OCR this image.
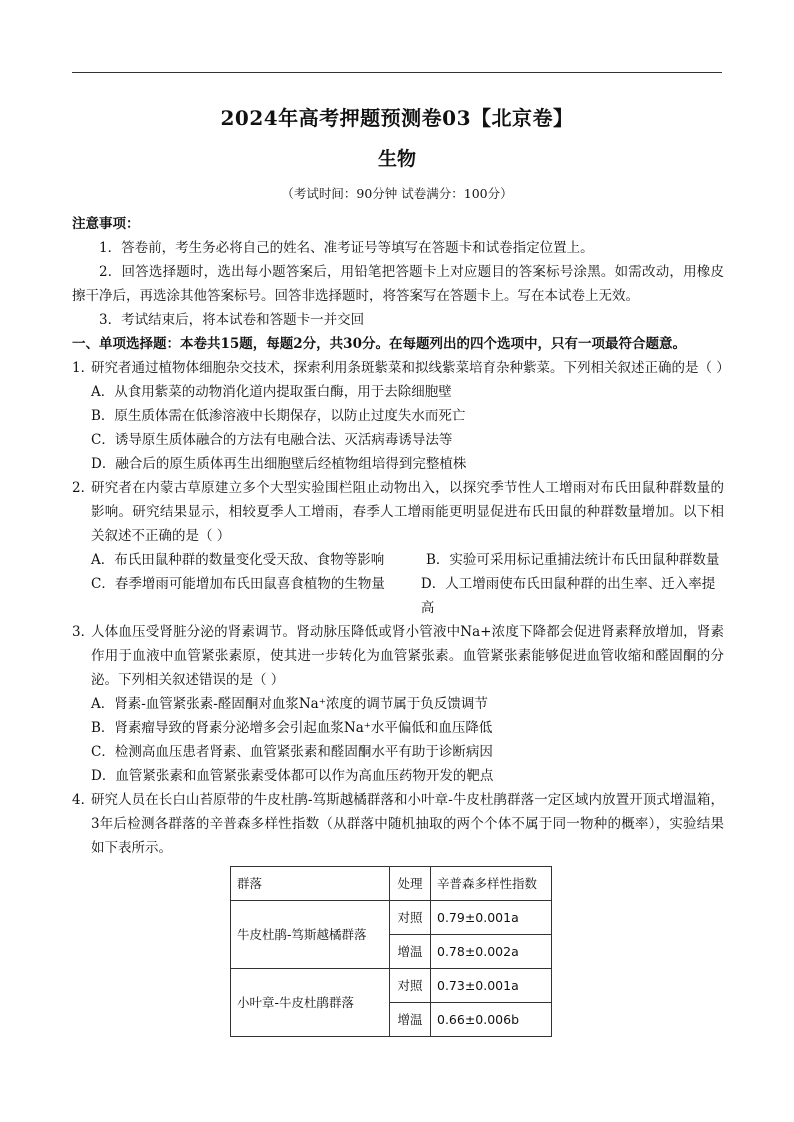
2024年高考押题预测卷03【北京卷】
生物
（考试时间：90分钟 试卷满分：100分）
注意事项：
1．答卷前，考生务必将自己的姓名、准考证号等填写在答题卡和试卷指定位置上。
2．回答选择题时，选出每小题答案后，用铅笔把答题卡上对应题目的答案标号涂黑。如需改动，用橡皮擦干净后，再选涂其他答案标号。回答非选择题时，将答案写在答题卡上。写在本试卷上无效。
3．考试结束后，将本试卷和答题卡一并交回
一、单项选择题：本卷共15题，每题2分，共30分。在每题列出的四个选项中，只有一项最符合题意。
1．
研究者通过植物体细胞杂交技术，探索利用条斑紫菜和拟线紫菜培育杂种紫菜。下列相关叙述正确的是（ ）
A．从食用紫菜的动物消化道内提取蛋白酶，用于去除细胞壁
B．原生质体需在低渗溶液中长期保存，以防止过度失水而死亡
C．诱导原生质体融合的方法有电融合法、灭活病毒诱导法等
D．融合后的原生质体再生出细胞壁后经植物组培得到完整植株
2．
研究者在内蒙古草原建立多个大型实验围栏阻止动物出入，以探究季节性人工增雨对布氏田鼠种群数量的影响。研究结果显示，相较夏季人工增雨，春季人工增雨能更明显促进布氏田鼠的种群数量增加。以下相关叙述不正确的是（ ）
A．布氏田鼠种群的数量变化受天敌、食物等影响	B．实验可采用标记重捕法统计布氏田鼠种群数量
C．春季增雨可能增加布氏田鼠喜食植物的生物量	D．人工增雨使布氏田鼠种群的出生率、迁入率提高
3．
人体血压受肾脏分泌的肾素调节。肾动脉压降低或肾小管液中Na+浓度下降都会促进肾素释放增加，肾素作用于血液中血管紧张素原，使其进一步转化为血管紧张素。血管紧张素能够促进血管收缩和醛固酮的分泌。下列相关叙述错误的是（ ）
A．肾素-血管紧张素-醛固酮对血浆Na⁺浓度的调节属于负反馈调节
B．肾素瘤导致的肾素分泌增多会引起血浆Na⁺水平偏低和血压降低
C．检测高血压患者肾素、血管紧张素和醛固酮水平有助于诊断病因
D．血管紧张素和血管紧张素受体都可以作为高血压药物开发的靶点
4．
研究人员在长白山苔原带的牛皮杜鹃-笃斯越橘群落和小叶章-牛皮杜鹃群落一定区域内放置开顶式增温箱，3年后检测各群落的辛普森多样性指数（从群落中随机抽取的两个个体不属于同一物种的概率），实验结果如下表所示。
群落	处理	辛普森多样性指数
牛皮杜鹃-笃斯越橘群落	对照	0.79±0.001a
	增温	0.78±0.002a
小叶章-牛皮杜鹃群落	对照	0.73±0.001a
	增温	0.66±0.006b
